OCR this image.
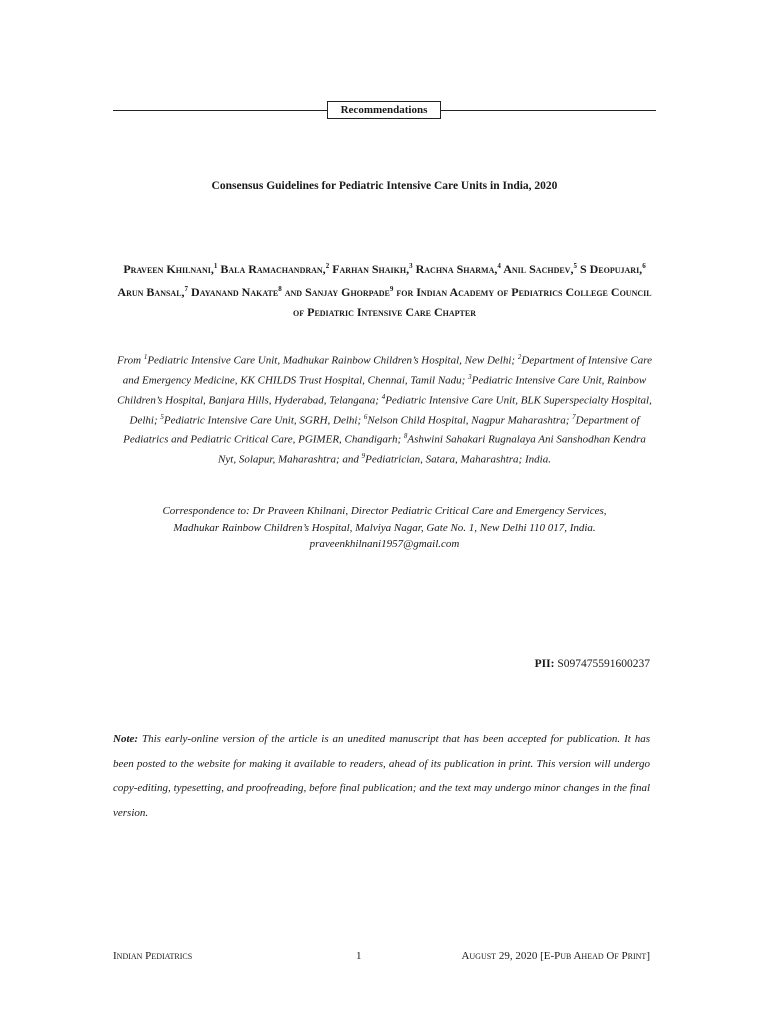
Recommendations
Consensus Guidelines for Pediatric Intensive Care Units in India, 2020
Praveen Khilnani,$^1$ Bala Ramachandran,$^2$ Farhan Shaikh,$^3$ Rachna Sharma,$^4$ Anil Sachdev,$^5$ S Deopujari,$^6$ Arun Bansal,$^7$ Dayanand Nakate$^8$ and Sanjay Ghorpade$^9$ for Indian Academy of Pediatrics College Council of Pediatric Intensive Care Chapter
From $^1$Pediatric Intensive Care Unit, Madhukar Rainbow Children’s Hospital, New Delhi; $^2$Department of Intensive Care and Emergency Medicine, KK CHILDS Trust Hospital, Chennai, Tamil Nadu; $^3$Pediatric Intensive Care Unit, Rainbow Children’s Hospital, Banjara Hills, Hyderabad, Telangana; $^4$Pediatric Intensive Care Unit, BLK Superspecialty Hospital, Delhi; $^5$Pediatric Intensive Care Unit, SGRH, Delhi; $^6$Nelson Child Hospital, Nagpur Maharashtra; $^7$Department of Pediatrics and Pediatric Critical Care, PGIMER, Chandigarh; $^8$Ashwini Sahakari Rugnalaya Ani Sanshodhan Kendra Nyt, Solapur, Maharashtra; and $^9$Pediatrician, Satara, Maharashtra; India.
Correspondence to: Dr Praveen Khilnani, Director Pediatric Critical Care and Emergency Services,
Madhukar Rainbow Children’s Hospital, Malviya Nagar, Gate No. 1, New Delhi 110 017, India.
praveenkhilnani1957@gmail.com
PII: S097475591600237
Note: This early-online version of the article is an unedited manuscript that has been accepted for publication. It has been posted to the website for making it available to readers, ahead of its publication in print. This version will undergo copy-editing, typesetting, and proofreading, before final publication; and the text may undergo minor changes in the final version.
Indian Pediatrics	1	August 29, 2020 [E-Pub Ahead Of Print]
